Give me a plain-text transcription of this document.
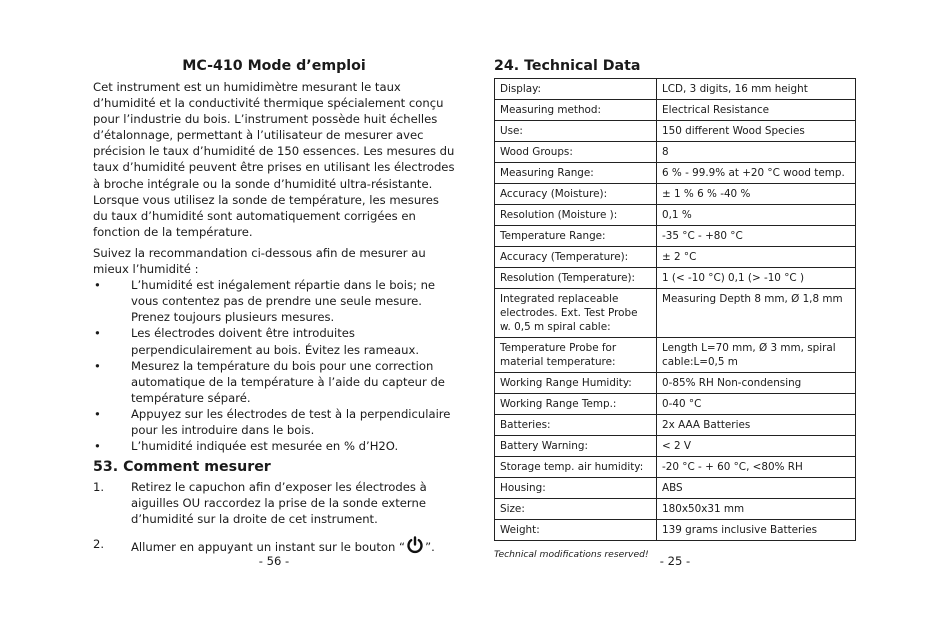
MC-410 Mode d’emploi
Cet instrument est un humidimètre mesurant le taux d’humidité et la conductivité thermique spécialement conçu pour l’industrie du bois. L’instrument possède huit échelles d’étalonnage, permettant à l’utilisateur de mesurer avec précision le taux d’humidité de 150 essences. Les mesures du taux d’humidité peuvent être prises en utilisant les électrodes à broche intégrale ou la sonde d’humidité ultra-résistante. Lorsque vous utilisez la sonde de température, les mesures du taux d’humidité sont automatiquement corrigées en fonction de la température.
Suivez la recommandation ci-dessous afin de mesurer au mieux l’humidité :
•	L’humidité est inégalement répartie dans le bois; ne vous contentez pas de prendre une seule mesure. Prenez toujours plusieurs mesures.
•	Les électrodes doivent être introduites perpendiculairement au bois. Évitez les rameaux.
•	Mesurez la température du bois pour une correction automatique de la température à l’aide du capteur de température séparé.
•	Appuyez sur les électrodes de test à la perpendiculaire pour les introduire dans le bois.
•	L’humidité indiquée est mesurée en % d’H2O.
53. Comment mesurer
1. Retirez le capuchon afin d’exposer les électrodes à aiguilles OU raccordez la prise de la sonde externe d’humidité sur la droite de cet instrument.
2. Allumer en appuyant un instant sur le bouton “ ”.
- 56 -
24. Technical Data
Display:	LCD, 3 digits, 16 mm height
Measuring method:	Electrical Resistance
Use:	150 different Wood Species
Wood Groups:	8
Measuring Range:	6 % - 99.9% at +20 °C wood temp.
Accuracy (Moisture):	± 1 % 6 % -40 %
Resolution (Moisture ):	0,1 %
Temperature Range:	-35 °C - +80 °C
Accuracy (Temperature):	± 2 °C
Resolution (Temperature):	1 (< -10 °C) 0,1 (> -10 °C )
Integrated replaceable electrodes. Ext. Test Probe w. 0,5 m spiral cable:	Measuring Depth 8 mm, Ø 1,8 mm
Temperature Probe for material temperature:	Length L=70 mm, Ø 3 mm, spiral cable:L=0,5 m
Working Range Humidity:	0-85% RH Non-condensing
Working Range Temp.:	0-40 °C
Batteries:	2x AAA Batteries
Battery Warning:	< 2 V
Storage temp. air humidity:	-20 °C - + 60 °C, <80% RH
Housing:	ABS
Size:	180x50x31 mm
Weight:	139 grams inclusive Batteries
Technical modifications reserved! - 25 -
